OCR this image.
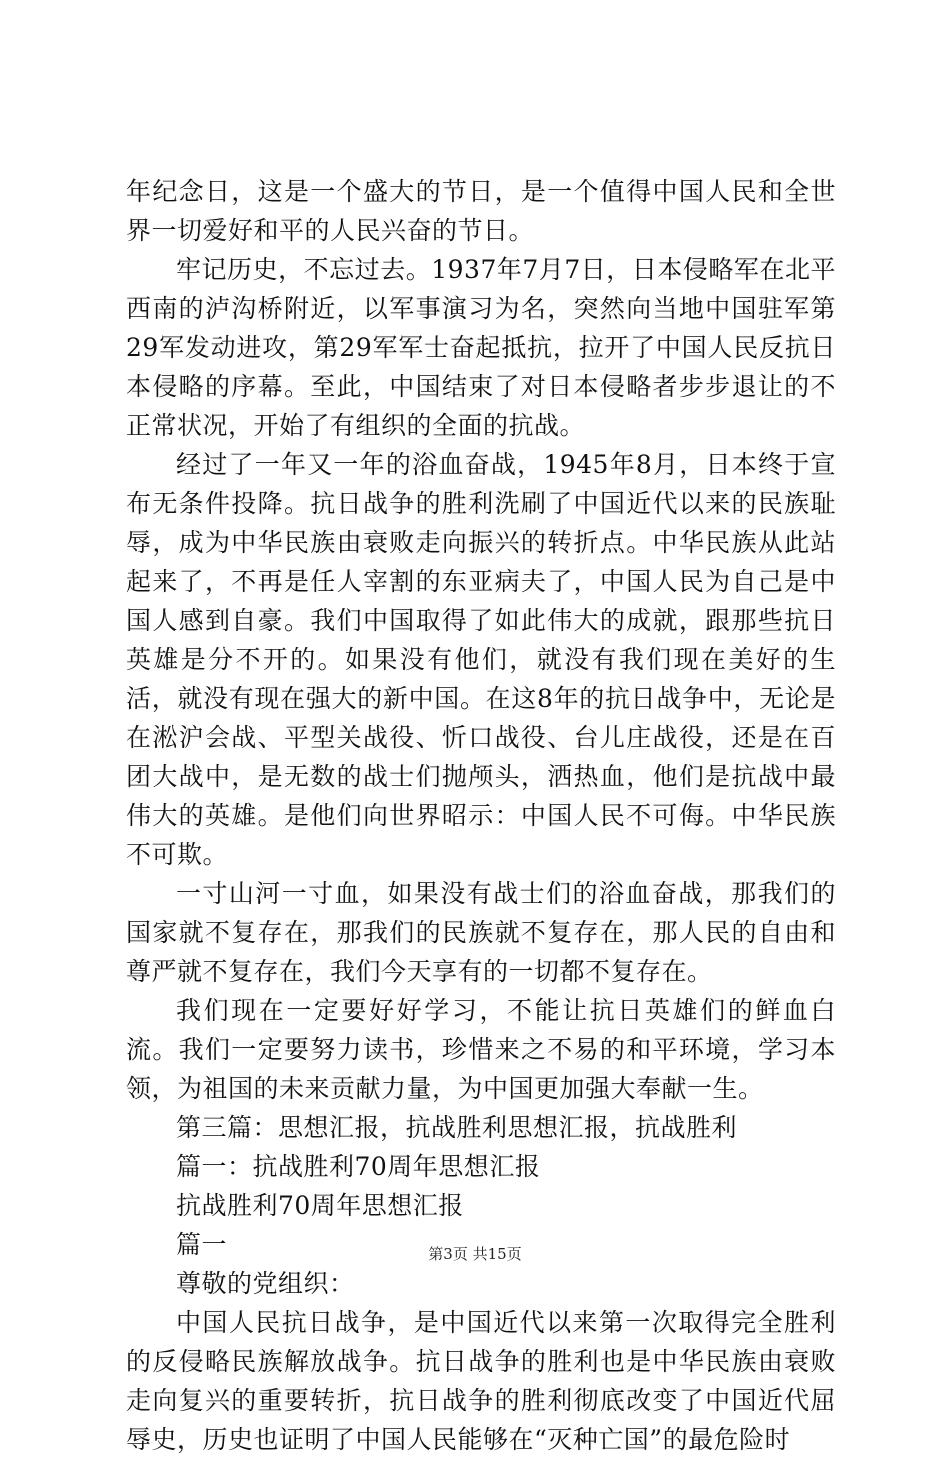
年纪念日，这是一个盛大的节日，是一个值得中国人民和全世界一切爱好和平的人民兴奋的节日。

牢记历史，不忘过去。1937年7月7日，日本侵略军在北平西南的泸沟桥附近，以军事演习为名，突然向当地中国驻军第29军发动进攻，第29军军士奋起抵抗，拉开了中国人民反抗日本侵略的序幕。至此，中国结束了对日本侵略者步步退让的不正常状况，开始了有组织的全面的抗战。

经过了一年又一年的浴血奋战，1945年8月，日本终于宣布无条件投降。抗日战争的胜利洗刷了中国近代以来的民族耻辱，成为中华民族由衰败走向振兴的转折点。中华民族从此站起来了，不再是任人宰割的东亚病夫了，中国人民为自己是中国人感到自豪。我们中国取得了如此伟大的成就，跟那些抗日英雄是分不开的。如果没有他们，就没有我们现在美好的生活，就没有现在强大的新中国。在这8年的抗日战争中，无论是在淞沪会战、平型关战役、忻口战役、台儿庄战役，还是在百团大战中，是无数的战士们抛颅头，洒热血，他们是抗战中最伟大的英雄。是他们向世界昭示：中国人民不可侮。中华民族不可欺。

一寸山河一寸血，如果没有战士们的浴血奋战，那我们的国家就不复存在，那我们的民族就不复存在，那人民的自由和尊严就不复存在，我们今天享有的一切都不复存在。

我们现在一定要好好学习，不能让抗日英雄们的鲜血白流。我们一定要努力读书，珍惜来之不易的和平环境，学习本领，为祖国的未来贡献力量，为中国更加强大奉献一生。

第三篇：思想汇报，抗战胜利思想汇报，抗战胜利

篇一：抗战胜利70周年思想汇报

抗战胜利70周年思想汇报

篇一

尊敬的党组织：

中国人民抗日战争，是中国近代以来第一次取得完全胜利的反侵略民族解放战争。抗日战争的胜利也是中华民族由衰败走向复兴的重要转折，抗日战争的胜利彻底改变了中国近代屈辱史，历史也证明了中国人民能够在“灭种亡国”的最危险时

第3页 共15页
